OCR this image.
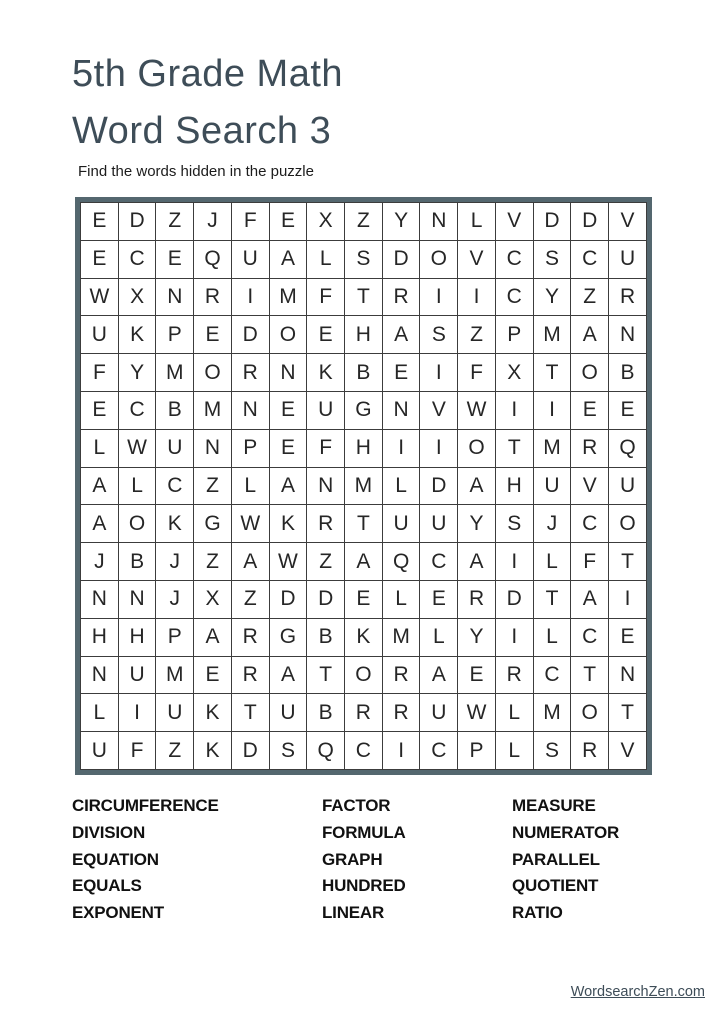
5th Grade Math
Word Search 3
Find the words hidden in the puzzle
E	D	Z	J	F	E	X	Z	Y	N	L	V	D	D	V
E	C	E	Q	U	A	L	S	D	O	V	C	S	C	U
W	X	N	R	I	M	F	T	R	I	I	C	Y	Z	R
U	K	P	E	D	O	E	H	A	S	Z	P	M	A	N
F	Y	M	O	R	N	K	B	E	I	F	X	T	O	B
E	C	B	M	N	E	U	G	N	V	W	I	I	E	E
L	W	U	N	P	E	F	H	I	I	O	T	M	R	Q
A	L	C	Z	L	A	N	M	L	D	A	H	U	V	U
A	O	K	G	W	K	R	T	U	U	Y	S	J	C	O
J	B	J	Z	A	W	Z	A	Q	C	A	I	L	F	T
N	N	J	X	Z	D	D	E	L	E	R	D	T	A	I
H	H	P	A	R	G	B	K	M	L	Y	I	L	C	E
N	U	M	E	R	A	T	O	R	A	E	R	C	T	N
L	I	U	K	T	U	B	R	R	U	W	L	M	O	T
U	F	Z	K	D	S	Q	C	I	C	P	L	S	R	V
CIRCUMFERENCE
DIVISION
EQUATION
EQUALS
EXPONENT
FACTOR
FORMULA
GRAPH
HUNDRED
LINEAR
MEASURE
NUMERATOR
PARALLEL
QUOTIENT
RATIO
WordsearchZen.com
